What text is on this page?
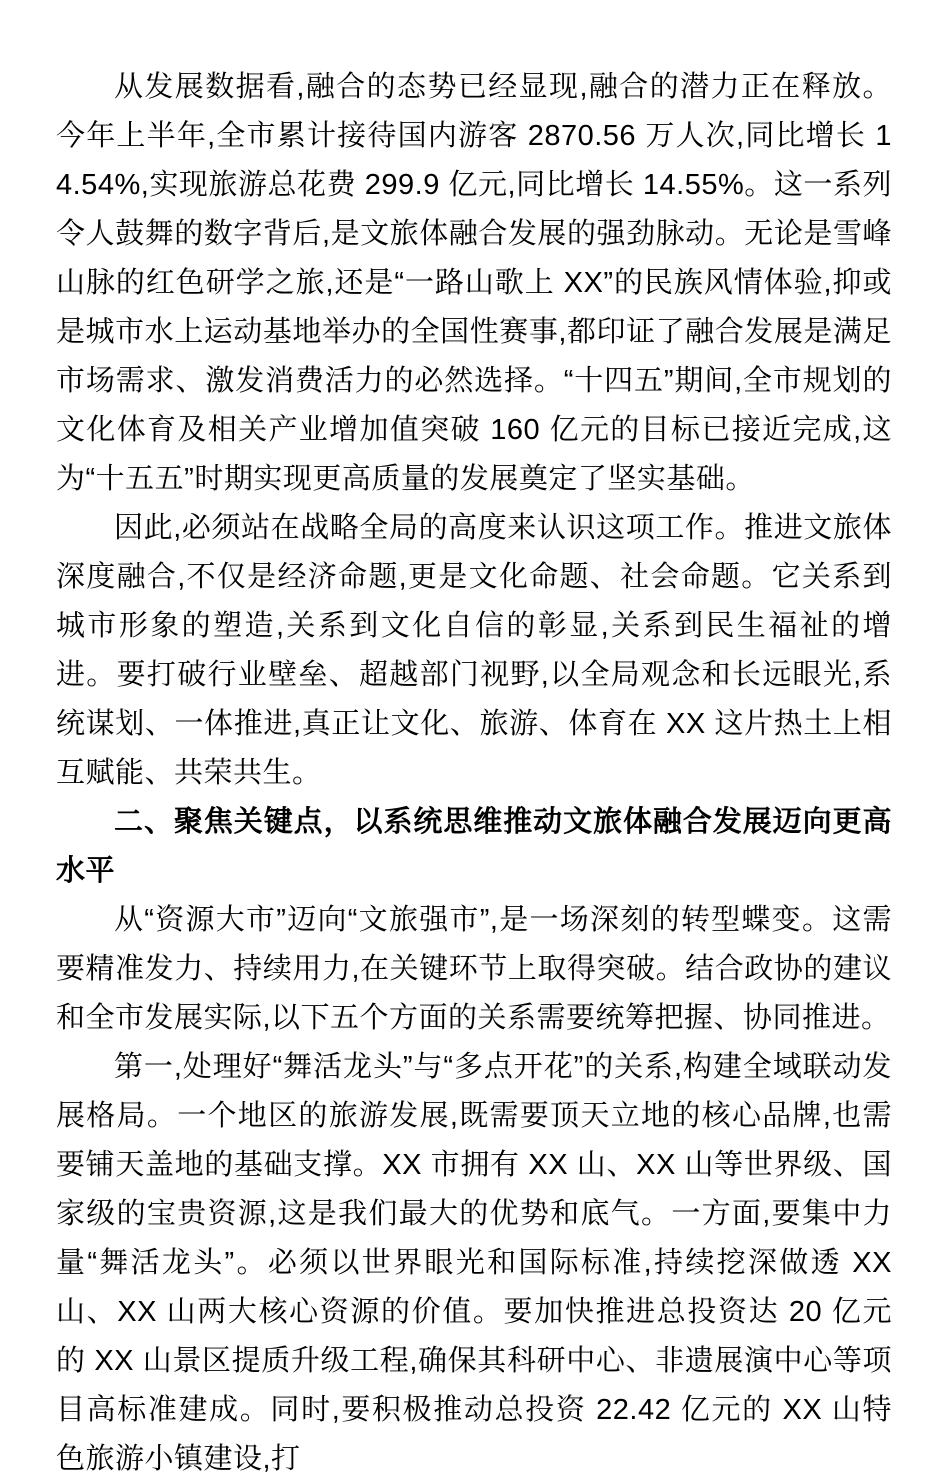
从发展数据看,融合的态势已经显现,融合的潜力正在释放。今年上半年,全市累计接待国内游客 2870.56 万人次,同比增长 14.54%,实现旅游总花费 299.9 亿元,同比增长 14.55%。这一系列令人鼓舞的数字背后,是文旅体融合发展的强劲脉动。无论是雪峰山脉的红色研学之旅,还是“一路山歌上 XX”的民族风情体验,抑或是城市水上运动基地举办的全国性赛事,都印证了融合发展是满足市场需求、激发消费活力的必然选择。“十四五”期间,全市规划的文化体育及相关产业增加值突破 160 亿元的目标已接近完成,这为“十五五”时期实现更高质量的发展奠定了坚实基础。

因此,必须站在战略全局的高度来认识这项工作。推进文旅体深度融合,不仅是经济命题,更是文化命题、社会命题。它关系到城市形象的塑造,关系到文化自信的彰显,关系到民生福祉的增进。要打破行业壁垒、超越部门视野,以全局观念和长远眼光,系统谋划、一体推进,真正让文化、旅游、体育在 XX 这片热土上相互赋能、共荣共生。

二、聚焦关键点，以系统思维推动文旅体融合发展迈向更高水平

从“资源大市”迈向“文旅强市”,是一场深刻的转型蝶变。这需要精准发力、持续用力,在关键环节上取得突破。结合政协的建议和全市发展实际,以下五个方面的关系需要统筹把握、协同推进。

第一,处理好“舞活龙头”与“多点开花”的关系,构建全域联动发展格局。一个地区的旅游发展,既需要顶天立地的核心品牌,也需要铺天盖地的基础支撑。XX 市拥有 XX 山、XX 山等世界级、国家级的宝贵资源,这是我们最大的优势和底气。一方面,要集中力量“舞活龙头”。必须以世界眼光和国际标准,持续挖深做透 XX 山、XX 山两大核心资源的价值。要加快推进总投资达 20 亿元的 XX 山景区提质升级工程,确保其科研中心、非遗展演中心等项目高标准建成。同时,要积极推动总投资 22.42 亿元的 XX 山特色旅游小镇建设,打
